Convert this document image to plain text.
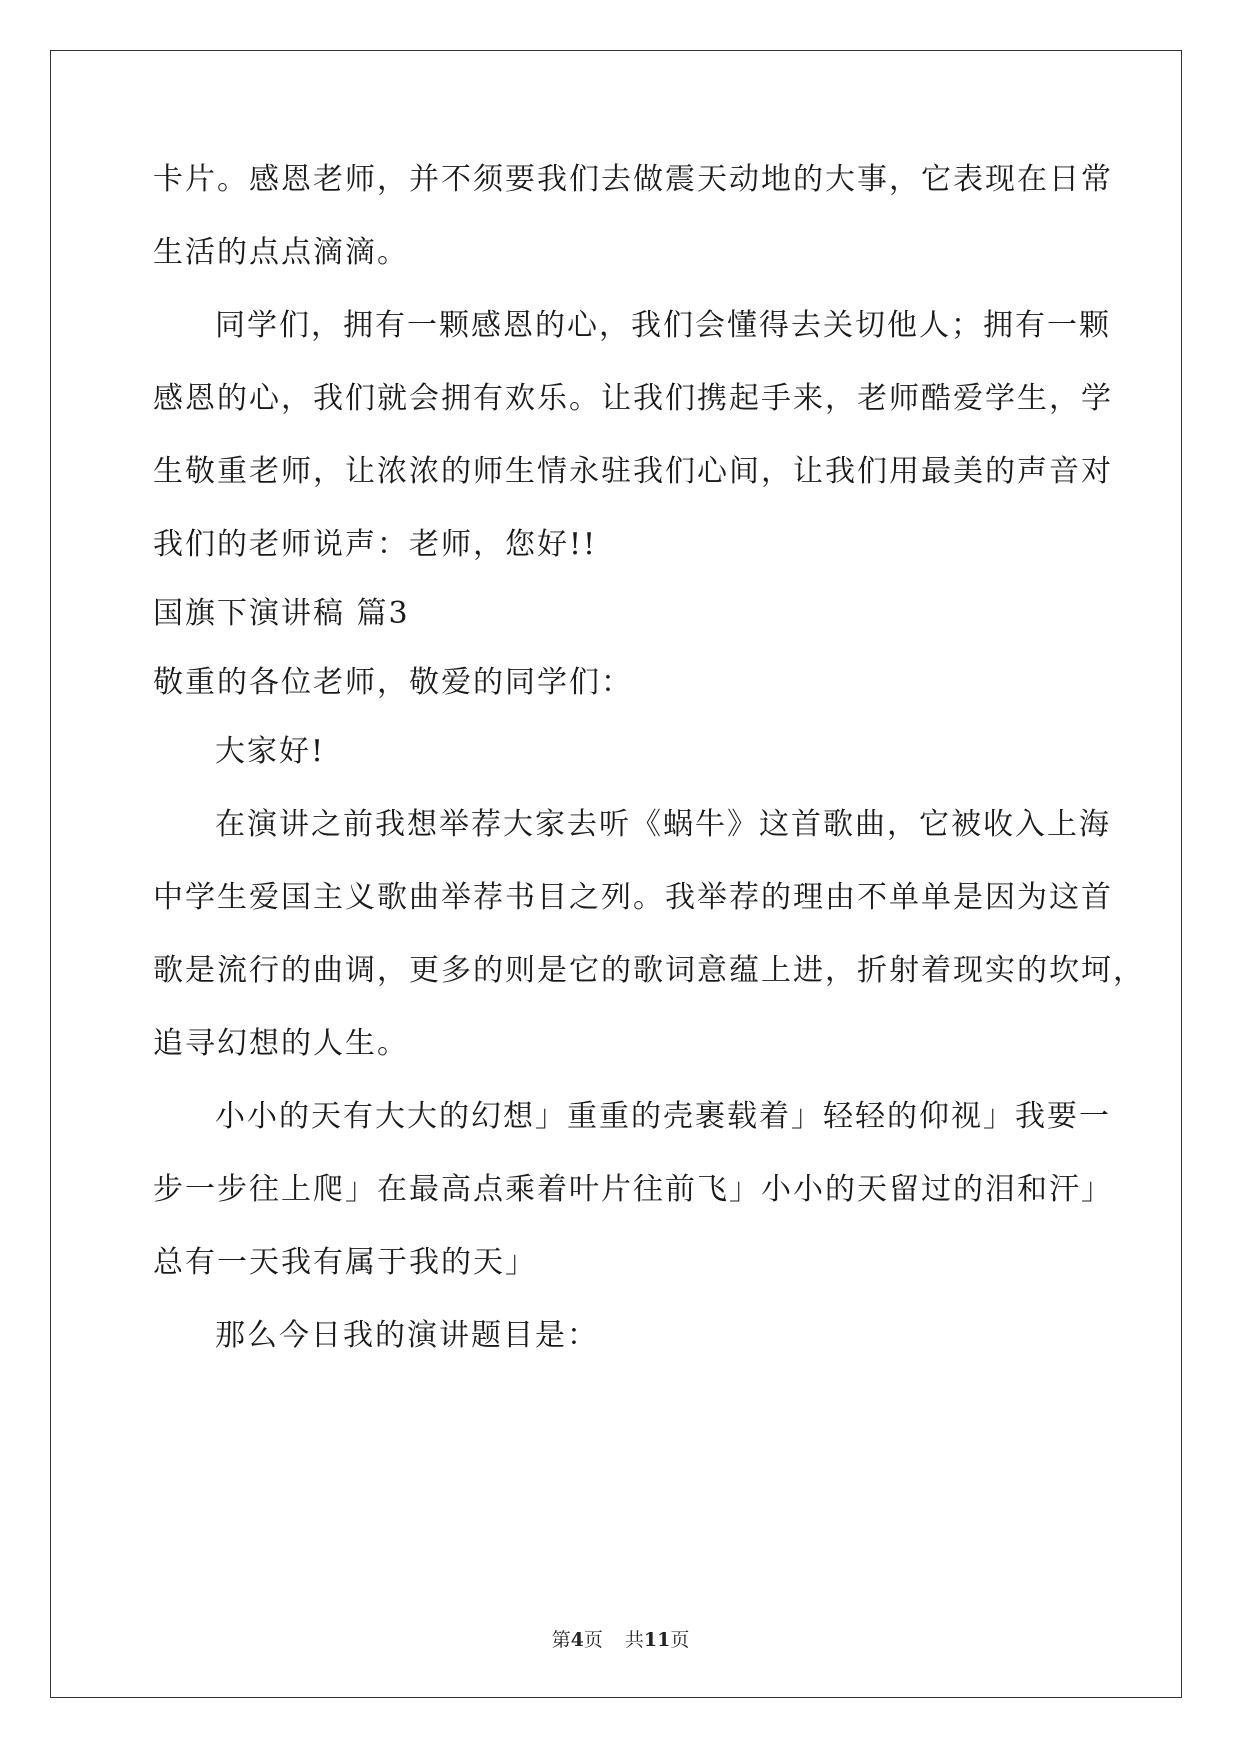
卡片。感恩老师，并不须要我们去做震天动地的大事，它表现在日常
生活的点点滴滴。
同学们，拥有一颗感恩的心，我们会懂得去关切他人；拥有一颗
感恩的心，我们就会拥有欢乐。让我们携起手来，老师酷爱学生，学
生敬重老师，让浓浓的师生情永驻我们心间，让我们用最美的声音对
我们的老师说声：老师，您好!!
国旗下演讲稿 篇3
敬重的各位老师，敬爱的同学们：
大家好!
在演讲之前我想举荐大家去听《蜗牛》这首歌曲，它被收入上海
中学生爱国主义歌曲举荐书目之列。我举荐的理由不单单是因为这首
歌是流行的曲调，更多的则是它的歌词意蕴上进，折射着现实的坎坷，
追寻幻想的人生。
小小的天有大大的幻想」重重的壳裹载着」轻轻的仰视」我要一
步一步往上爬」在最高点乘着叶片往前飞」小小的天留过的泪和汗」
总有一天我有属于我的天」
那么今日我的演讲题目是：
第4页 共11页
